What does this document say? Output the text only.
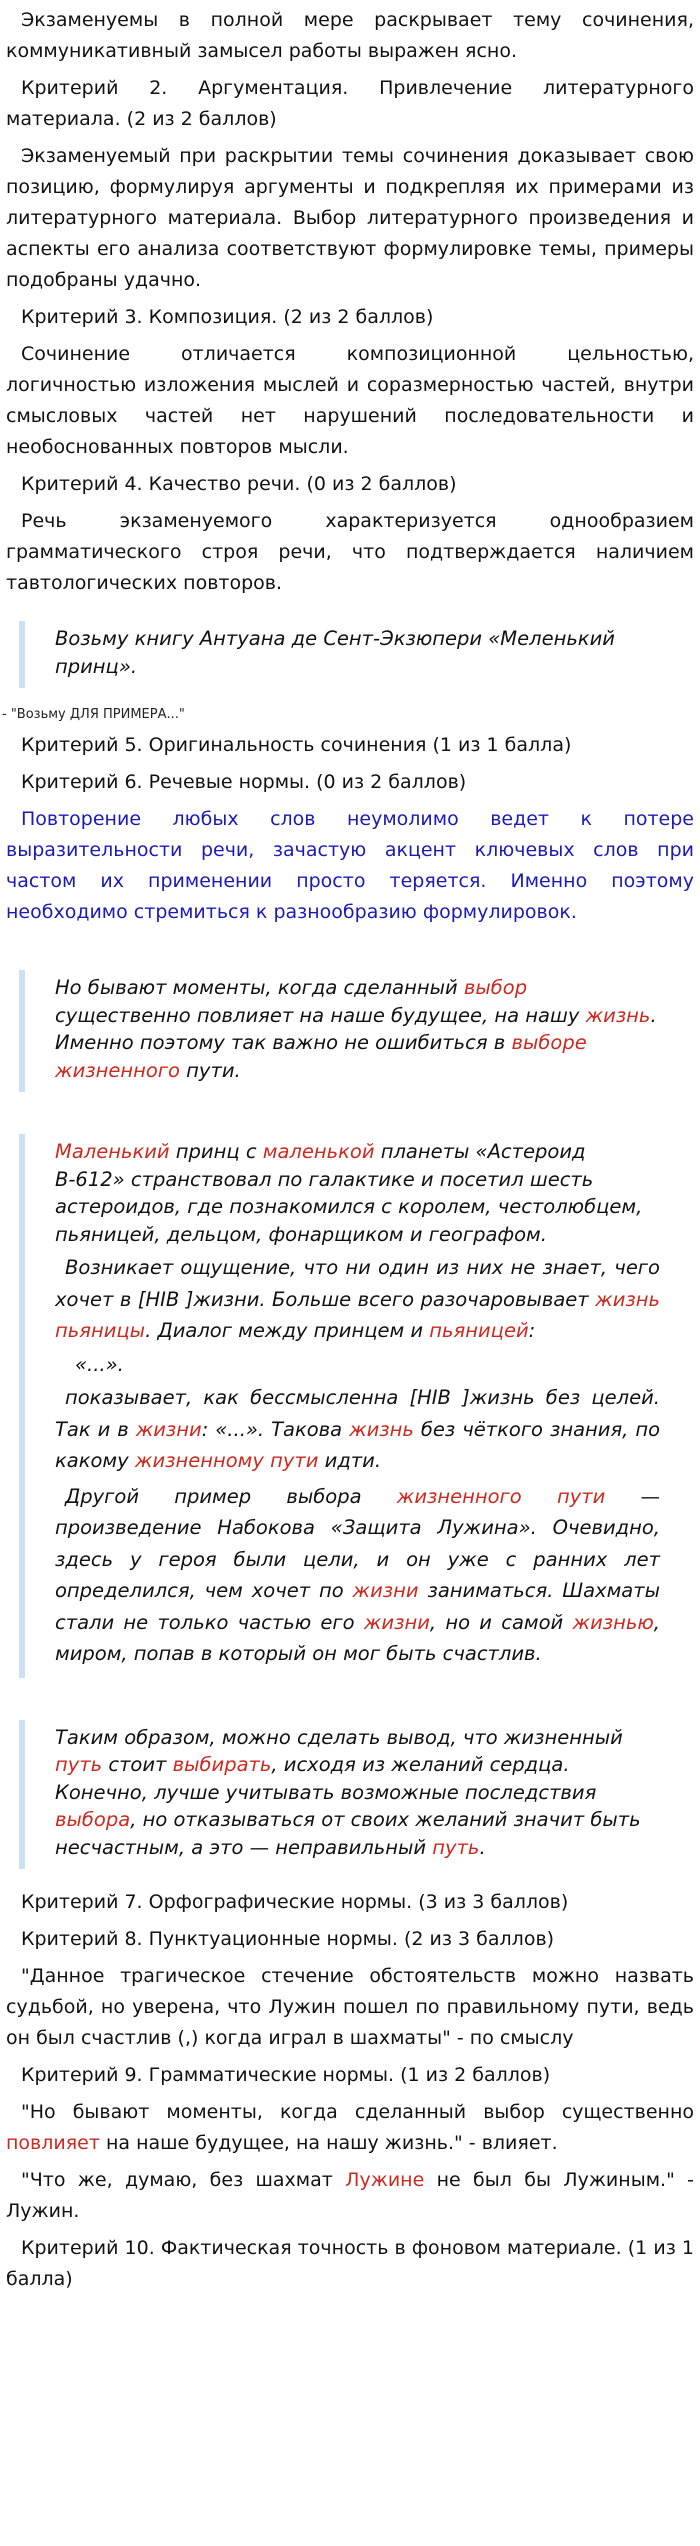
Экзаменуемы в полной мере раскрывает тему сочинения, коммуникативный замысел работы выражен ясно.

Критерий 2. Аргументация. Привлечение литературного материала. (2 из 2 баллов)

Экзаменуемый при раскрытии темы сочинения доказывает свою позицию, формулируя аргументы и подкрепляя их примерами из литературного материала. Выбор литературного произведения и аспекты его анализа соответствуют формулировке темы, примеры подобраны удачно.

Критерий 3. Композиция. (2 из 2 баллов)

Сочинение отличается композиционной цельностью, логичностью изложения мыслей и соразмерностью частей, внутри смысловых частей нет нарушений последовательности и необоснованных повторов мысли.

Критерий 4. Качество речи. (0 из 2 баллов)

Речь экзаменуемого характеризуется однообразием грамматического строя речи, что подтверждается наличием тавтологических повторов.

Возьму книгу Антуана де Сент-Экзюпери «Меленький принц».

- "Возьму ДЛЯ ПРИМЕРА..."

Критерий 5. Оригинальность сочинения (1 из 1 балла)

Критерий 6. Речевые нормы. (0 из 2 баллов)

Повторение любых слов неумолимо ведет к потере выразительности речи, зачастую акцент ключевых слов при частом их применении просто теряется. Именно поэтому необходимо стремиться к разнообразию формулировок.

Но бывают моменты, когда сделанный выбор существенно повлияет на наше будущее, на нашу жизнь. Именно поэтому так важно не ошибиться в выборе жизненного пути.

Маленький принц с маленькой планеты «Астероид В-612» странствовал по галактике и посетил шесть астероидов, где познакомился с королем, честолюбцем, пьяницей, дельцом, фонарщиком и географом.

Возникает ощущение, что ни один из них не знает, чего хочет в [НIВ ]жизни. Больше всего разочаровывает жизнь пьяницы. Диалог между принцем и пьяницей:

«...».

показывает, как бессмысленна [НIВ ]жизнь без целей. Так и в жизни: «...». Такова жизнь без чёткого знания, по какому жизненному пути идти.

Другой пример выбора жизненного пути — произведение Набокова «Защита Лужина». Очевидно, здесь у героя были цели, и он уже с ранних лет определился, чем хочет по жизни заниматься. Шахматы стали не только частью его жизни, но и самой жизнью, миром, попав в который он мог быть счастлив.

Таким образом, можно сделать вывод, что жизненный путь стоит выбирать, исходя из желаний сердца. Конечно, лучше учитывать возможные последствия выбора, но отказываться от своих желаний значит быть несчастным, а это — неправильный путь.

Критерий 7. Орфографические нормы. (3 из 3 баллов)

Критерий 8. Пунктуационные нормы. (2 из 3 баллов)

"Данное трагическое стечение обстоятельств можно назвать судьбой, но уверена, что Лужин пошел по правильному пути, ведь он был счастлив (,) когда играл в шахматы" - по смыслу

Критерий 9. Грамматические нормы. (1 из 2 баллов)

"Но бывают моменты, когда сделанный выбор существенно повлияет на наше будущее, на нашу жизнь." - влияет.

"Что же, думаю, без шахмат Лужине не был бы Лужиным." - Лужин.

Критерий 10. Фактическая точность в фоновом материале. (1 из 1 балла)
